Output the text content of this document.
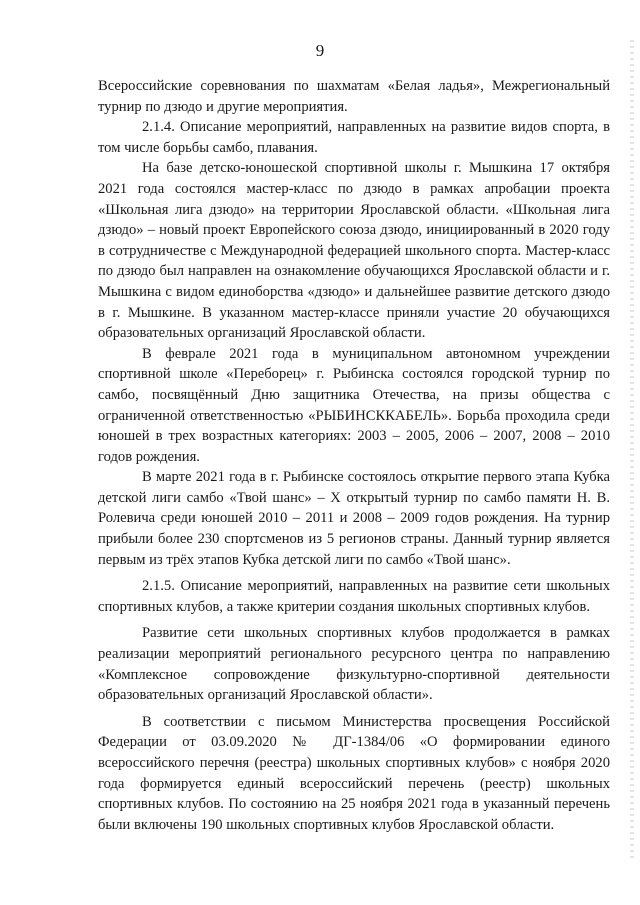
9

Всероссийские соревнования по шахматам «Белая ладья», Межрегиональный турнир по дзюдо и другие мероприятия.

2.1.4. Описание мероприятий, направленных на развитие видов спорта, в том числе борьбы самбо, плавания.

На базе детско-юношеской спортивной школы г. Мышкина 17 октября 2021 года состоялся мастер-класс по дзюдо в рамках апробации проекта «Школьная лига дзюдо» на территории Ярославской области. «Школьная лига дзюдо» – новый проект Европейского союза дзюдо, инициированный в 2020 году в сотрудничестве с Международной федерацией школьного спорта. Мастер-класс по дзюдо был направлен на ознакомление обучающихся Ярославской области и г. Мышкина с видом единоборства «дзюдо» и дальнейшее развитие детского дзюдо в г. Мышкине. В указанном мастер-классе приняли участие 20 обучающихся образовательных организаций Ярославской области.

В феврале 2021 года в муниципальном автономном учреждении спортивной школе «Переборец» г. Рыбинска состоялся городской турнир по самбо, посвящённый Дню защитника Отечества, на призы общества с ограниченной ответственностью «РЫБИНСККАБЕЛЬ». Борьба проходила среди юношей в трех возрастных категориях: 2003 – 2005, 2006 – 2007, 2008 – 2010 годов рождения.

В марте 2021 года в г. Рыбинске состоялось открытие первого этапа Кубка детской лиги самбо «Твой шанс» – X открытый турнир по самбо памяти Н. В. Ролевича среди юношей 2010 – 2011 и 2008 – 2009 годов рождения. На турнир прибыли более 230 спортсменов из 5 регионов страны. Данный турнир является первым из трёх этапов Кубка детской лиги по самбо «Твой шанс».

2.1.5. Описание мероприятий, направленных на развитие сети школьных спортивных клубов, а также критерии создания школьных спортивных клубов.

Развитие сети школьных спортивных клубов продолжается в рамках реализации мероприятий регионального ресурсного центра по направлению «Комплексное сопровождение физкультурно-спортивной деятельности образовательных организаций Ярославской области».

В соответствии с письмом Министерства просвещения Российской Федерации от 03.09.2020 № ДГ-1384/06 «О формировании единого всероссийского перечня (реестра) школьных спортивных клубов» с ноября 2020 года формируется единый всероссийский перечень (реестр) школьных спортивных клубов. По состоянию на 25 ноября 2021 года в указанный перечень были включены 190 школьных спортивных клубов Ярославской области.
